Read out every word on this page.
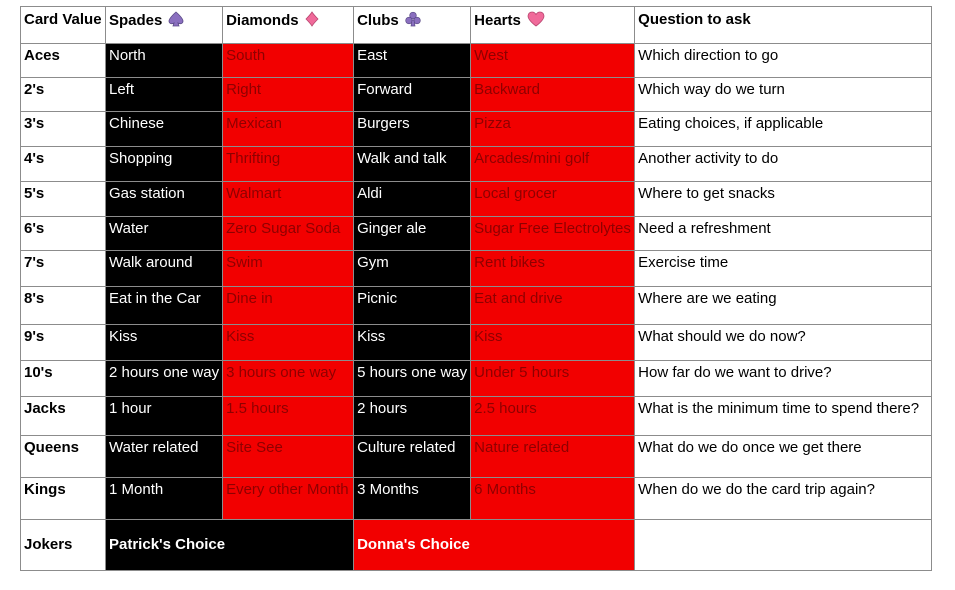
Card Value	Spades	Diamonds	Clubs	Hearts	Question to ask
Aces	North	South	East	West	Which direction to go
2's	Left	Right	Forward	Backward	Which way do we turn
3's	Chinese	Mexican	Burgers	Pizza	Eating choices, if applicable
4's	Shopping	Thrifting	Walk and talk	Arcades/mini golf	Another activity to do
5's	Gas station	Walmart	Aldi	Local grocer	Where to get snacks
6's	Water	Zero Sugar Soda	Ginger ale	Sugar Free Electrolytes	Need a refreshment
7's	Walk around	Swim	Gym	Rent bikes	Exercise time
8's	Eat in the Car	Dine in	Picnic	Eat and drive	Where are we eating
9's	Kiss	Kiss	Kiss	Kiss	What should we do now?
10's	2 hours one way	3 hours one way	5 hours one way	Under 5 hours	How far do we want to drive?
Jacks	1 hour	1.5 hours	2 hours	2.5 hours	What is the minimum time to spend there?
Queens	Water related	Site See	Culture related	Nature related	What do we do once we get there
Kings	1 Month	Every other Month	3 Months	6 Months	When do we do the card trip again?
Jokers	Patrick's Choice		Donna's Choice		
